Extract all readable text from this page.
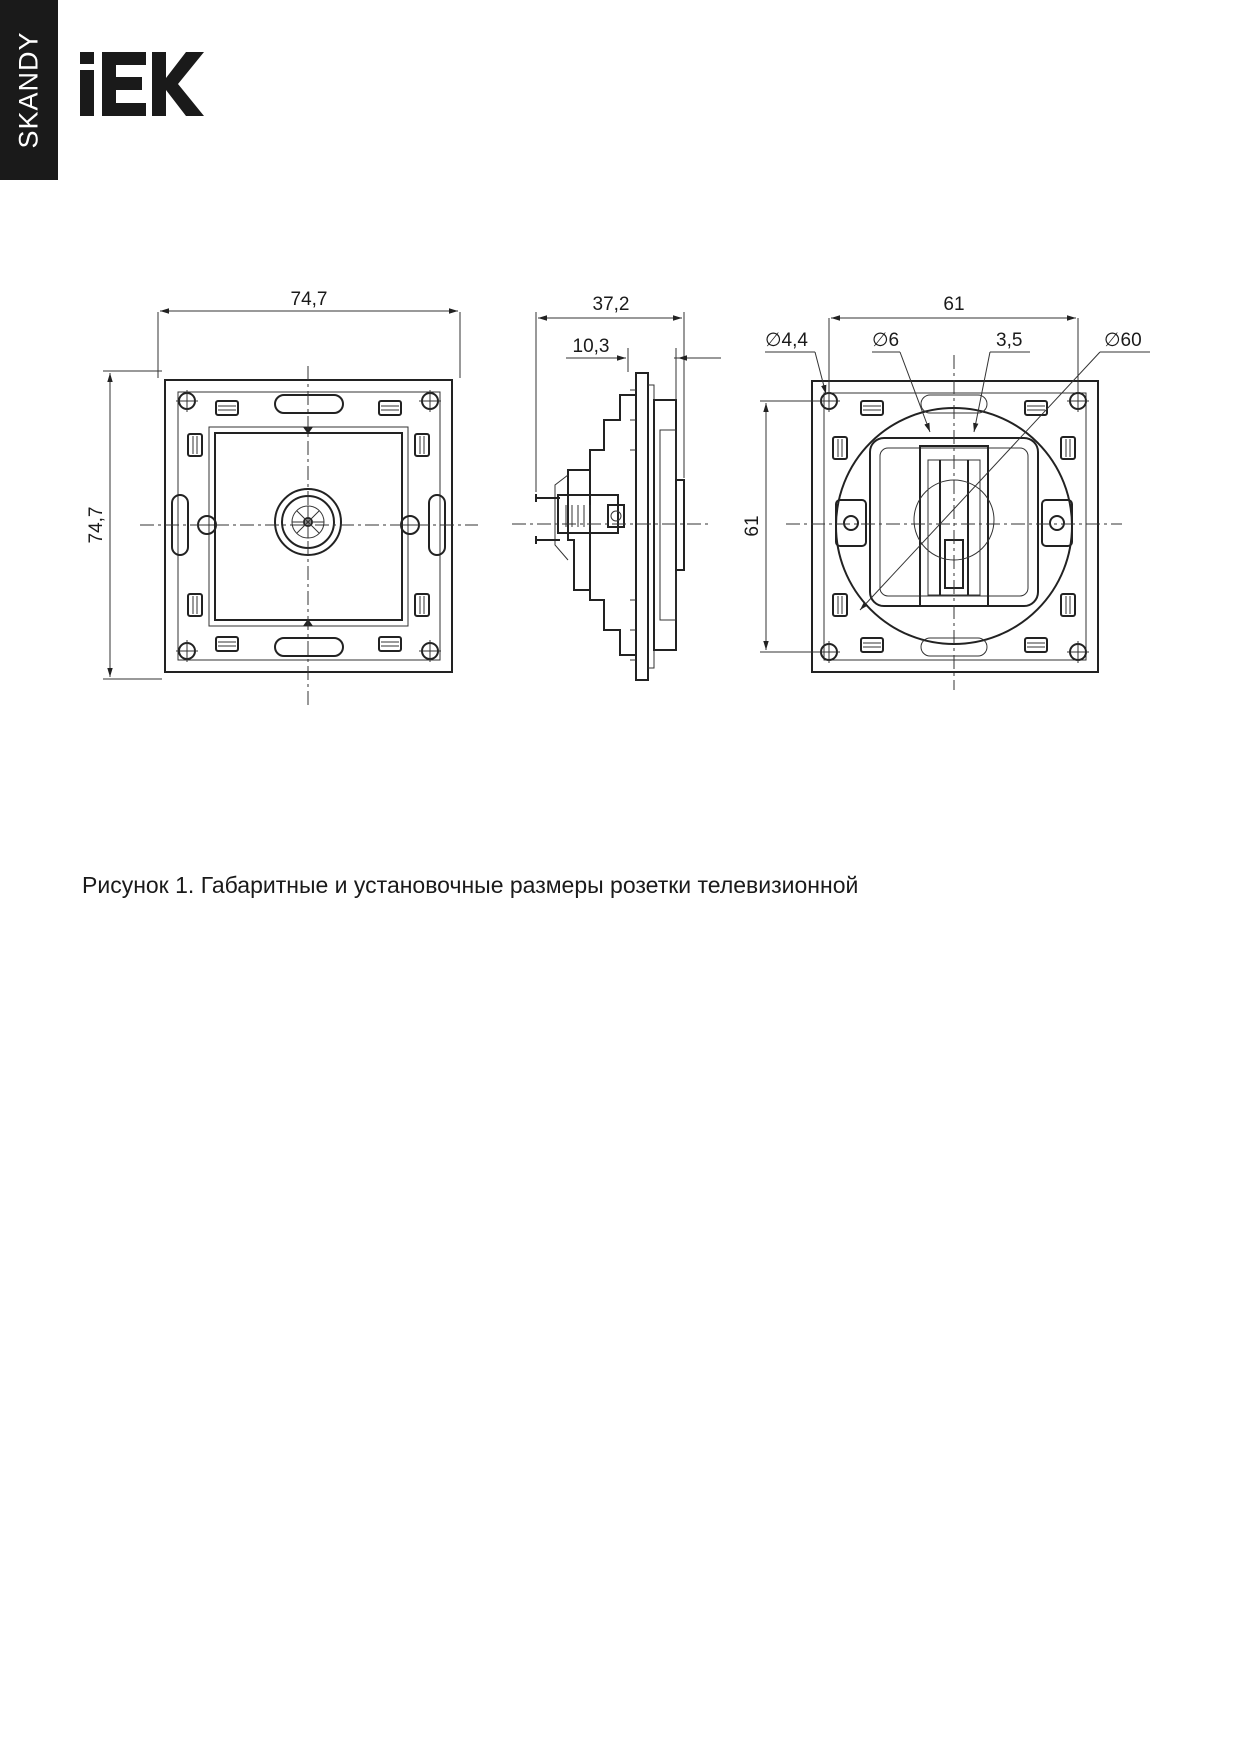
SKANDY
74,7
74,7
37,2
10,3
61
61
∅4,4	∅6	3,5	∅60
Рисунок 1. Габаритные и установочные размеры розетки телевизионной
